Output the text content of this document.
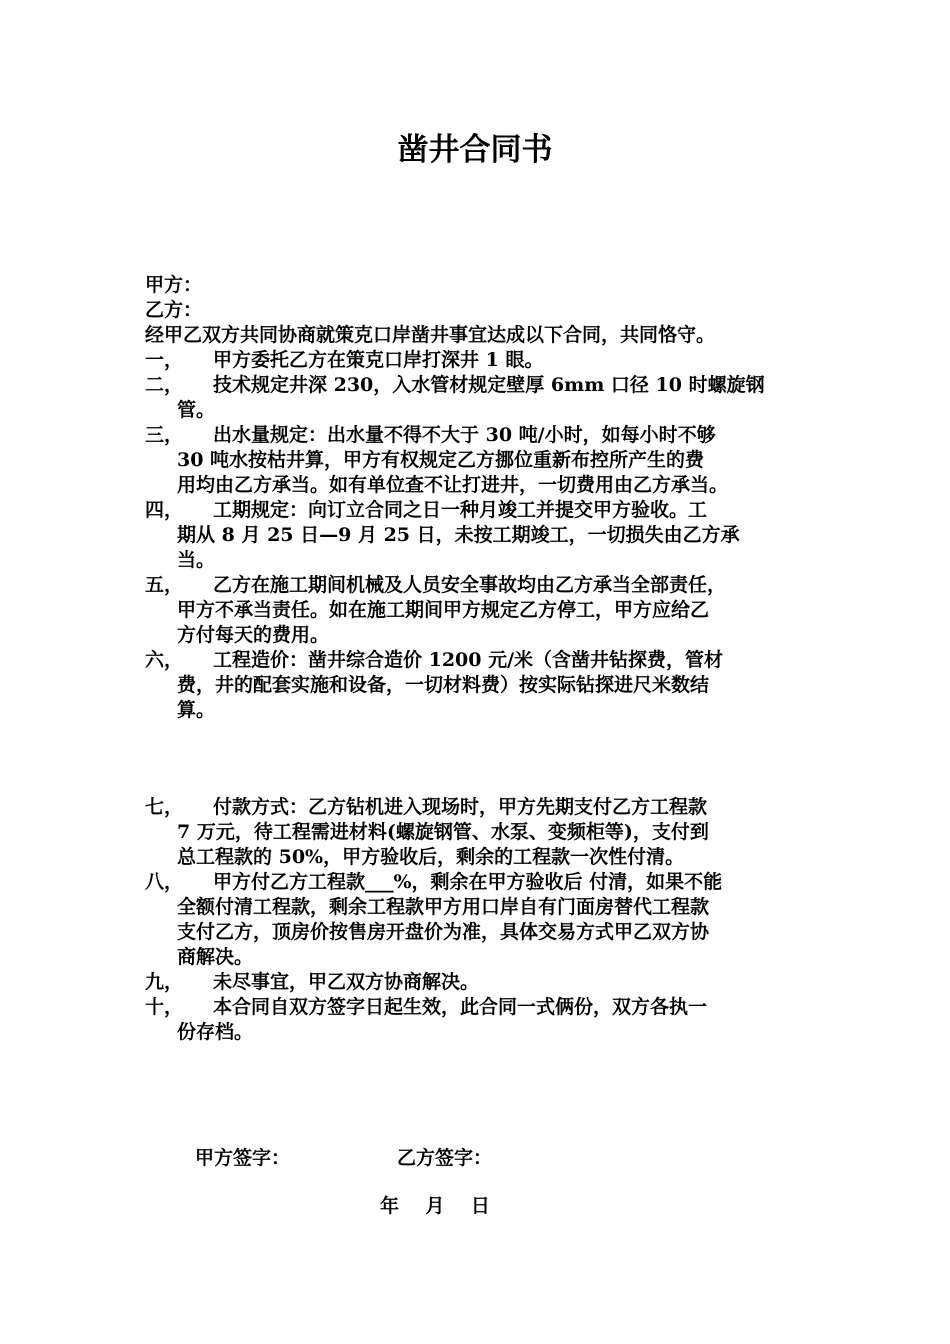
凿井合同书
甲方：
乙方：
经甲乙双方共同协商就策克口岸凿井事宜达成以下合同，共同恪守。
一， 甲方委托乙方在策克口岸打深井 1 眼。
二， 技术规定井深 230，入水管材规定壁厚 6mm 口径 10 时螺旋钢
管。
三， 出水量规定：出水量不得不大于 30 吨/小时，如每小时不够
30 吨水按枯井算，甲方有权规定乙方挪位重新布控所产生的费
用均由乙方承当。如有单位查不让打进井，一切费用由乙方承当。
四， 工期规定：向订立合同之日一种月竣工并提交甲方验收。工
期从 8 月 25 日—9 月 25 日，未按工期竣工，一切损失由乙方承
当。
五， 乙方在施工期间机械及人员安全事故均由乙方承当全部责任，
甲方不承当责任。如在施工期间甲方规定乙方停工，甲方应给乙
方付每天的费用。
六， 工程造价：凿井综合造价 1200 元/米（含凿井钻探费，管材
费，井的配套实施和设备，一切材料费）按实际钻探进尺米数结
算。
七， 付款方式：乙方钻机进入现场时，甲方先期支付乙方工程款
7 万元，待工程需进材料(螺旋钢管、水泵、变频柜等)，支付到
总工程款的 50%，甲方验收后，剩余的工程款一次性付清。
八， 甲方付乙方工程款___%，剩余在甲方验收后 付清，如果不能
全额付清工程款，剩余工程款甲方用口岸自有门面房替代工程款
支付乙方，顶房价按售房开盘价为准，具体交易方式甲乙双方协
商解决。
九， 未尽事宜，甲乙双方协商解决。
十， 本合同自双方签字日起生效，此合同一式俩份，双方各执一
份存档。
甲方签字：	乙方签字：
年    月    日
